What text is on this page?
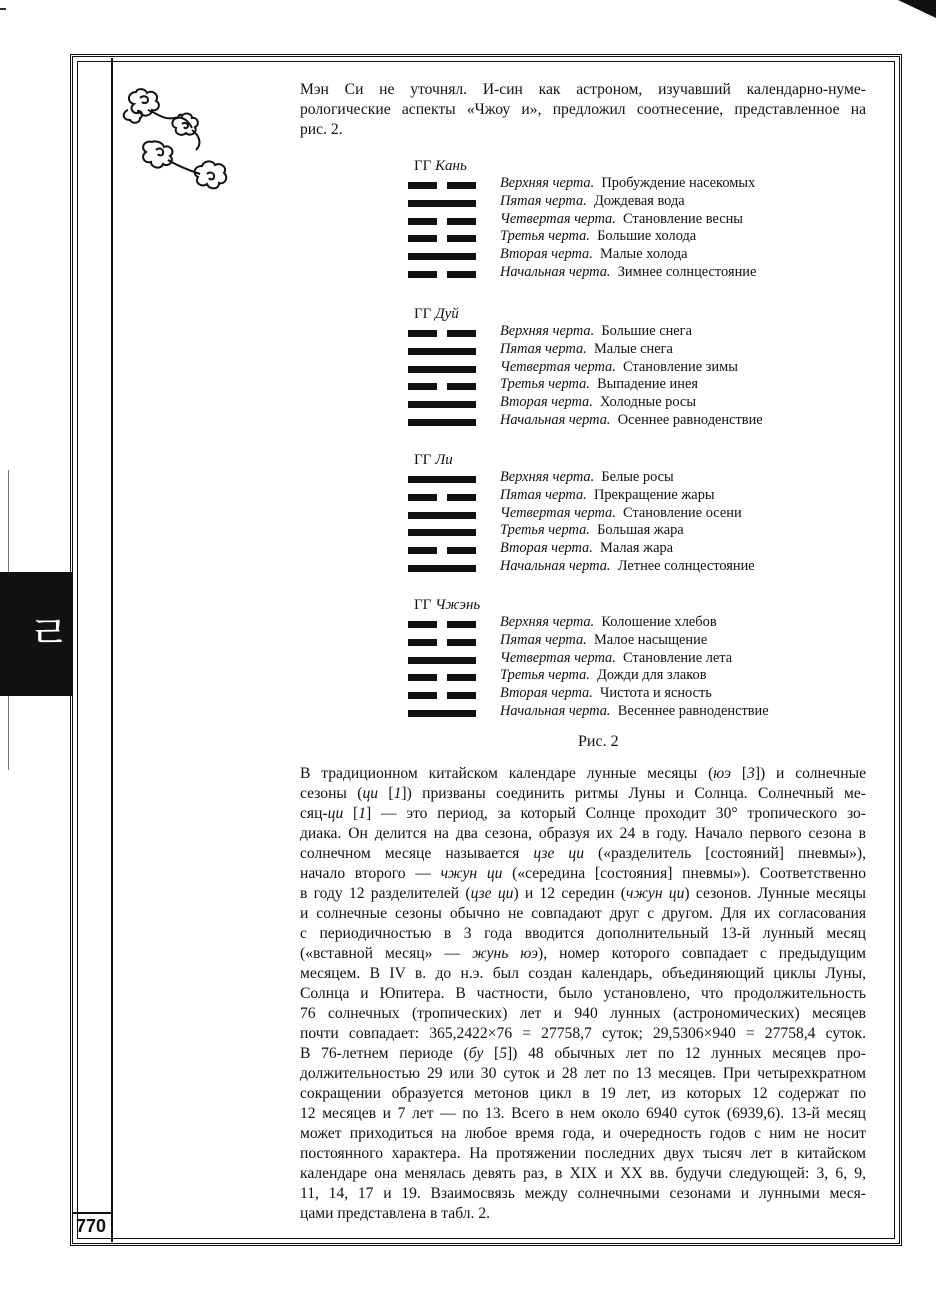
ㄹ
770
Мэн Си не уточнял. И-син как астроном, изучавший календарно-нуме-
рологические аспекты «Чжоу и», предложил соотнесение, представленное на
рис. 2.
ГГ Кань
Верхняя черта.  Пробуждение насекомых
Пятая черта.  Дождевая вода
Четвертая черта.  Становление весны
Третья черта.  Большие холода
Вторая черта.  Малые холода
Начальная черта.  Зимнее солнцестояние
ГГ Дуй
Верхняя черта.  Большие снега
Пятая черта.  Малые снега
Четвертая черта.  Становление зимы
Третья черта.  Выпадение инея
Вторая черта.  Холодные росы
Начальная черта.  Осеннее равноденствие
ГГ Ли
Верхняя черта.  Белые росы
Пятая черта.  Прекращение жары
Четвертая черта.  Становление осени
Третья черта.  Большая жара
Вторая черта.  Малая жара
Начальная черта.  Летнее солнцестояние
ГГ Чжэнь
Верхняя черта.  Колошение хлебов
Пятая черта.  Малое насыщение
Четвертая черта.  Становление лета
Третья черта.  Дожди для злаков
Вторая черта.  Чистота и ясность
Начальная черта.  Весеннее равноденствие
Рис. 2
В традиционном китайском календаре лунные месяцы (юэ [3]) и солнечные
сезоны (ци [1]) призваны соединить ритмы Луны и Солнца. Солнечный ме-
сяц-ци [1] — это период, за который Солнце проходит 30° тропического зо-
диака. Он делится на два сезона, образуя их 24 в году. Начало первого сезона в
солнечном месяце называется цзе ци («разделитель [состояний] пневмы»),
начало второго — чжун ци («середина [состояния] пневмы»). Соответственно
в году 12 разделителей (цзе ци) и 12 середин (чжун ци) сезонов. Лунные месяцы
и солнечные сезоны обычно не совпадают друг с другом. Для их согласования
с периодичностью в 3 года вводится дополнительный 13-й лунный месяц
(«вставной месяц» — жунь юэ), номер которого совпадает с предыдущим
месяцем. В IV в. до н.э. был создан календарь, объединяющий циклы Луны,
Солнца и Юпитера. В частности, было установлено, что продолжительность
76 солнечных (тропических) лет и 940 лунных (астрономических) месяцев
почти совпадает: 365,2422×76 = 27758,7 суток; 29,5306×940 = 27758,4 суток.
В 76-летнем периоде (бу [5]) 48 обычных лет по 12 лунных месяцев про-
должительностью 29 или 30 суток и 28 лет по 13 месяцев. При четырехкратном
сокращении образуется метонов цикл в 19 лет, из которых 12 содержат по
12 месяцев и 7 лет — по 13. Всего в нем около 6940 суток (6939,6). 13-й месяц
может приходиться на любое время года, и очередность годов с ним не носит
постоянного характера. На протяжении последних двух тысяч лет в китайском
календаре она менялась девять раз, в XIX и XX вв. будучи следующей: 3, 6, 9,
11, 14, 17 и 19. Взаимосвязь между солнечными сезонами и лунными меся-
цами представлена в табл. 2.
